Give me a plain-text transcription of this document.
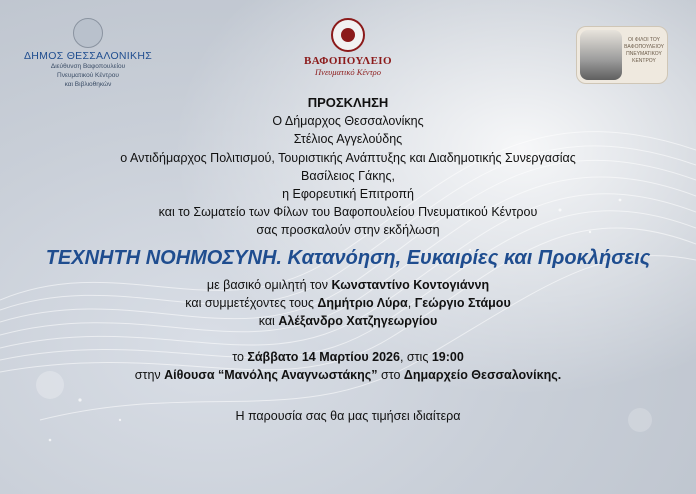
ΔΗΜΟΣ ΘΕΣΣΑΛΟΝΙΚΗΣ
Διεύθυνση Βαφοπουλείου
Πνευματικού Κέντρου
και Βιβλιοθηκών
ΒΑΦΟΠΟΥΛΕΙΟ
Πνευματικό Κέντρο
ΟΙ ΦΙΛΟΙ ΤΟΥ ΒΑΦΟΠΟΥΛΕΙΟΥ ΠΝΕΥΜΑΤΙΚΟΥ ΚΕΝΤΡΟΥ
ΠΡΟΣΚΛΗΣΗ
Ο Δήμαρχος Θεσσαλονίκης
Στέλιος Αγγελούδης
ο Αντιδήμαρχος Πολιτισμού, Τουριστικής Ανάπτυξης και Διαδημοτικής Συνεργασίας
Βασίλειος Γάκης,
η Εφορευτική Επιτροπή
και το Σωματείο των Φίλων του Βαφοπουλείου Πνευματικού Κέντρου
σας προσκαλούν στην εκδήλωση
ΤΕΧΝΗΤΗ ΝΟΗΜΟΣΥΝΗ. Κατανόηση, Ευκαιρίες και Προκλήσεις
με βασικό ομιλητή τον Κωνσταντίνο Κοντογιάννη
και συμμετέχοντες τους Δημήτριο Λύρα, Γεώργιο Στάμου
και Αλέξανδρο Χατζηγεωργίου
το Σάββατο 14 Μαρτίου 2026, στις 19:00
στην Αίθουσα “Μανόλης Αναγνωστάκης” στο Δημαρχείο Θεσσαλονίκης.
Η παρουσία σας θα μας τιμήσει ιδιαίτερα
